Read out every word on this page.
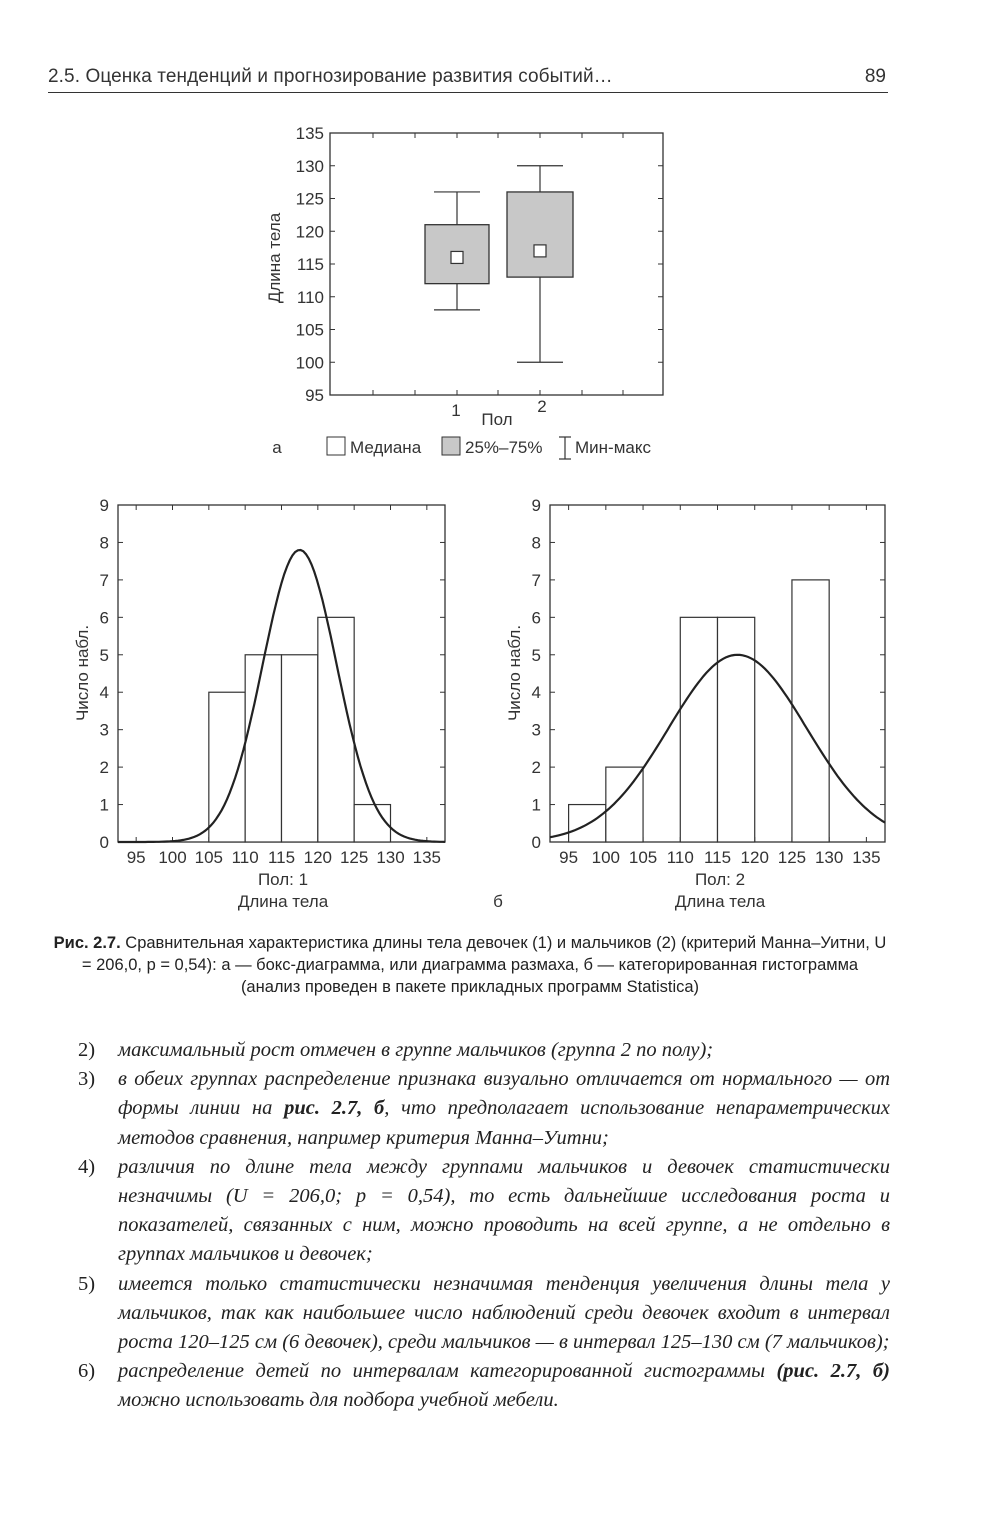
2.5. Оценка тенденций и прогнозирование развития событий…	89
95
100
105
110
115
120
125
130
135
1	2
Длина тела
Пол
а	Медиана	25%–75% Мин-макс
0
1
2
3
4
5
6
7
8
9
95 100 105 110 115 120 125 130 135
Число набл.
Пол: 1
Длина тела
0
1
2
3
4
5
6
7
8
9
95 100 105 110 115 120 125 130 135
Число набл.
Пол: 2
Длина тела
б
Рис. 2.7. Сравнительная характеристика длины тела девочек (1) и мальчиков (2) (критерий Манна–Уитни, U = 206,0, p = 0,54): а — бокс-диаграмма, или диаграмма размаха, б — категорированная гистограмма (анализ проведен в пакете прикладных программ Statistica)
2) максимальный рост отмечен в группе мальчиков (группа 2 по полу);
3) в обеих группах распределение признака визуально отличается от нормального — от формы линии на рис. 2.7, б, что предполагает использование непараметрических методов сравнения, например критерия Манна–Уитни;
4) различия по длине тела между группами мальчиков и девочек статистически незначимы (U = 206,0; p = 0,54), то есть дальнейшие исследования роста и показателей, связанных с ним, можно проводить на всей группе, а не отдельно в группах мальчиков и девочек;
5) имеется только статистически незначимая тенденция увеличения длины тела у мальчиков, так как наибольшее число наблюдений среди девочек входит в интервал роста 120–125 см (6 девочек), среди мальчиков — в интервал 125–130 см (7 мальчиков);
6) распределение детей по интервалам категорированной гистограммы (рис. 2.7, б) можно использовать для подбора учебной мебели.
